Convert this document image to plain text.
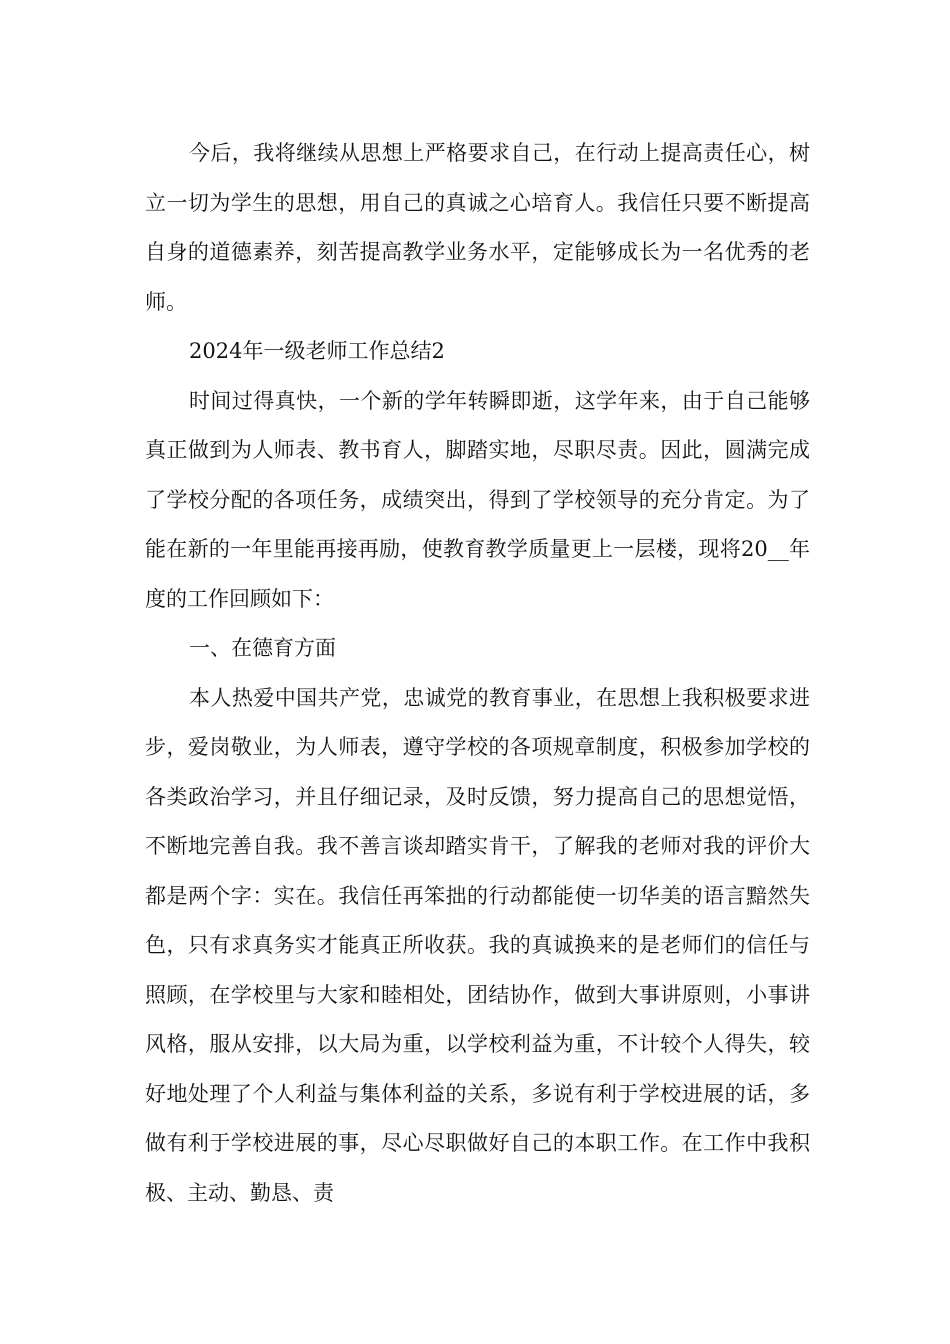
今后，我将继续从思想上严格要求自己，在行动上提高责任心，树立一切为学生的思想，用自己的真诚之心培育人。我信任只要不断提高自身的道德素养，刻苦提高教学业务水平，定能够成长为一名优秀的老师。

2024年一级老师工作总结2

时间过得真快，一个新的学年转瞬即逝，这学年来，由于自己能够真正做到为人师表、教书育人，脚踏实地，尽职尽责。因此，圆满完成了学校分配的各项任务，成绩突出，得到了学校领导的充分肯定。为了能在新的一年里能再接再励，使教育教学质量更上一层楼，现将20__年度的工作回顾如下：

一、在德育方面

本人热爱中国共产党，忠诚党的教育事业，在思想上我积极要求进步，爱岗敬业，为人师表，遵守学校的各项规章制度，积极参加学校的各类政治学习，并且仔细记录，及时反馈，努力提高自己的思想觉悟，不断地完善自我。我不善言谈却踏实肯干，了解我的老师对我的评价大都是两个字：实在。我信任再笨拙的行动都能使一切华美的语言黯然失色，只有求真务实才能真正所收获。我的真诚换来的是老师们的信任与照顾，在学校里与大家和睦相处，团结协作，做到大事讲原则，小事讲风格，服从安排，以大局为重，以学校利益为重，不计较个人得失，较好地处理了个人利益与集体利益的关系，多说有利于学校进展的话，多做有利于学校进展的事，尽心尽职做好自己的本职工作。在工作中我积极、主动、勤恳、责
